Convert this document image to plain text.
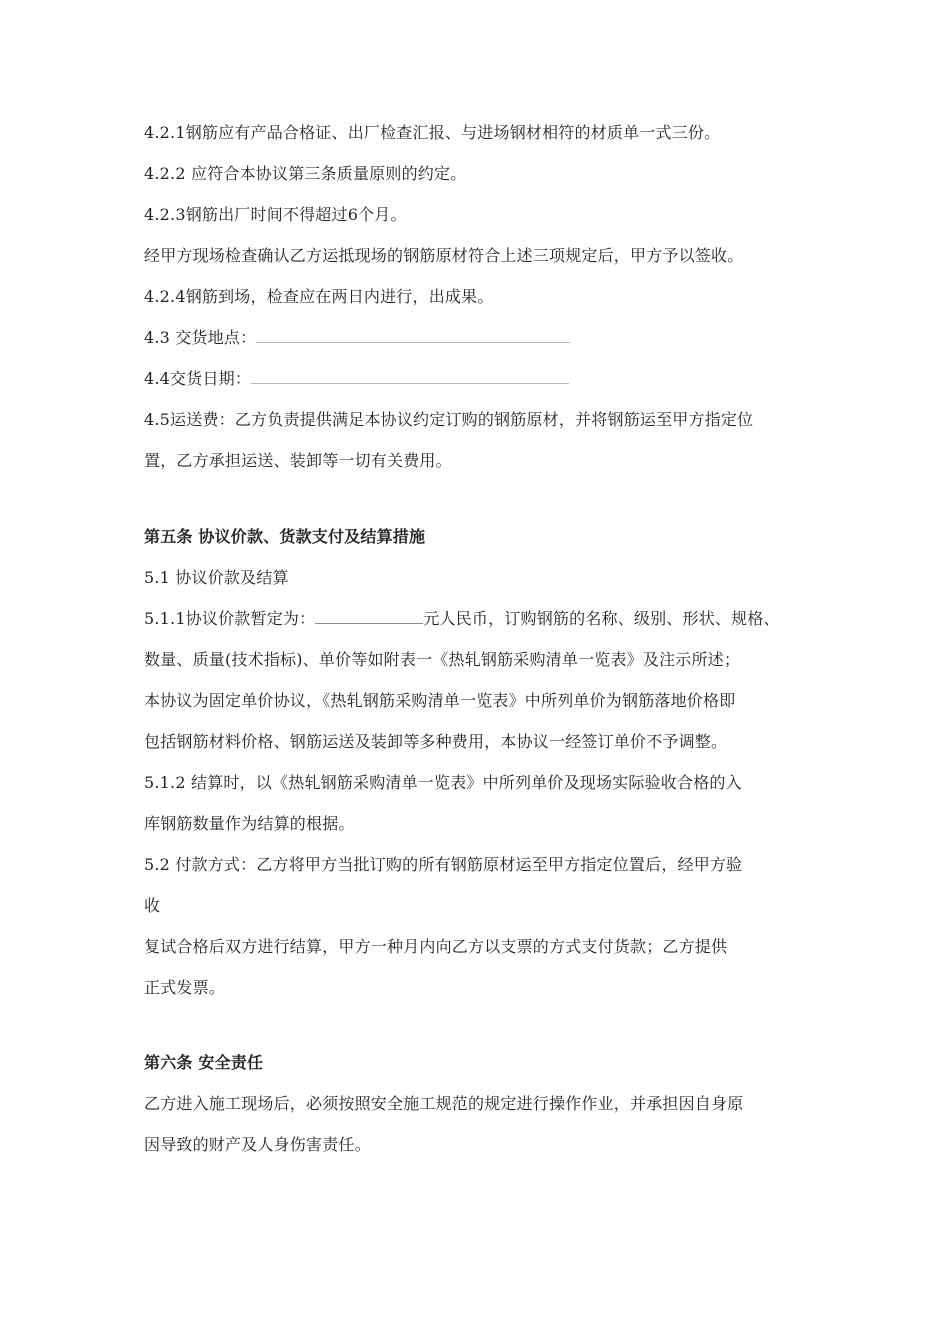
4.2.1钢筋应有产品合格证、出厂检查汇报、与进场钢材相符的材质单一式三份。
4.2.2 应符合本协议第三条质量原则的约定。
4.2.3钢筋出厂时间不得超过6个月。
经甲方现场检查确认乙方运抵现场的钢筋原材符合上述三项规定后，甲方予以签收。
4.2.4钢筋到场，检查应在两日内进行，出成果。
4.3 交货地点：
4.4交货日期：
4.5运送费：乙方负责提供满足本协议约定订购的钢筋原材，并将钢筋运至甲方指定位
置，乙方承担运送、装卸等一切有关费用。
第五条 协议价款、货款支付及结算措施
5.1 协议价款及结算
5.1.1协议价款暂定为：	元人民币，订购钢筋的名称、级别、形状、规格、
数量、质量(技术指标)、单价等如附表一《热轧钢筋采购清单一览表》及注示所述；
本协议为固定单价协议，《热轧钢筋采购清单一览表》中所列单价为钢筋落地价格即
包括钢筋材料价格、钢筋运送及装卸等多种费用，本协议一经签订单价不予调整。
5.1.2 结算时，以《热轧钢筋采购清单一览表》中所列单价及现场实际验收合格的入
库钢筋数量作为结算的根据。
5.2 付款方式：乙方将甲方当批订购的所有钢筋原材运至甲方指定位置后，经甲方验
收
复试合格后双方进行结算，甲方一种月内向乙方以支票的方式支付货款；乙方提供
正式发票。
第六条 安全责任
乙方进入施工现场后，必须按照安全施工规范的规定进行操作作业，并承担因自身原
因导致的财产及人身伤害责任。
